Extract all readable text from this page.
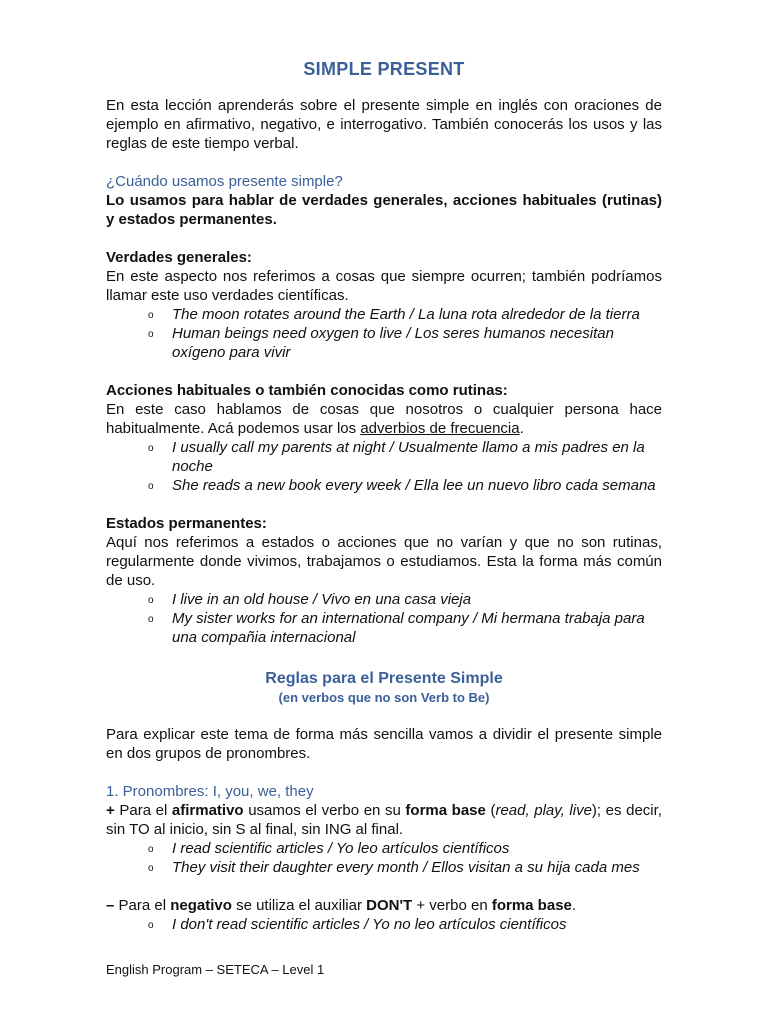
SIMPLE PRESENT

En esta lección aprenderás sobre el presente simple en inglés con oraciones de ejemplo en afirmativo, negativo, e interrogativo. También conocerás los usos y las reglas de este tiempo verbal.

¿Cuándo usamos presente simple?

Lo usamos para hablar de verdades generales, acciones habituales (rutinas) y estados permanentes.

Verdades generales:

En este aspecto nos referimos a cosas que siempre ocurren; también podríamos llamar este uso verdades científicas.

o The moon rotates around the Earth / La luna rota alrededor de la tierra
o Human beings need oxygen to live / Los seres humanos necesitan oxígeno para vivir
Acciones habituales o también conocidas como rutinas:

En este caso hablamos de cosas que nosotros o cualquier persona hace habitualmente. Acá podemos usar los adverbios de frecuencia.

o I usually call my parents at night / Usualmente llamo a mis padres en la noche
o She reads a new book every week / Ella lee un nuevo libro cada semana
Estados permanentes:

Aquí nos referimos a estados o acciones que no varían y que no son rutinas, regularmente donde vivimos, trabajamos o estudiamos. Esta la forma más común de uso.

o I live in an old house / Vivo en una casa vieja
o My sister works for an international company / Mi hermana trabaja para una compañia internacional
Reglas para el Presente Simple
(en verbos que no son Verb to Be)

Para explicar este tema de forma más sencilla vamos a dividir el presente simple en dos grupos de pronombres.

1. Pronombres: I, you, we, they

+ Para el afirmativo usamos el verbo en su forma base (read, play, live); es decir, sin TO al inicio, sin S al final, sin ING al final.

o I read scientific articles / Yo leo artículos científicos
o They visit their daughter every month / Ellos visitan a su hija cada mes

– Para el negativo se utiliza el auxiliar DON'T + verbo en forma base.

o I don't read scientific articles / Yo no leo artículos científicos
English Program – SETECA – Level 1
